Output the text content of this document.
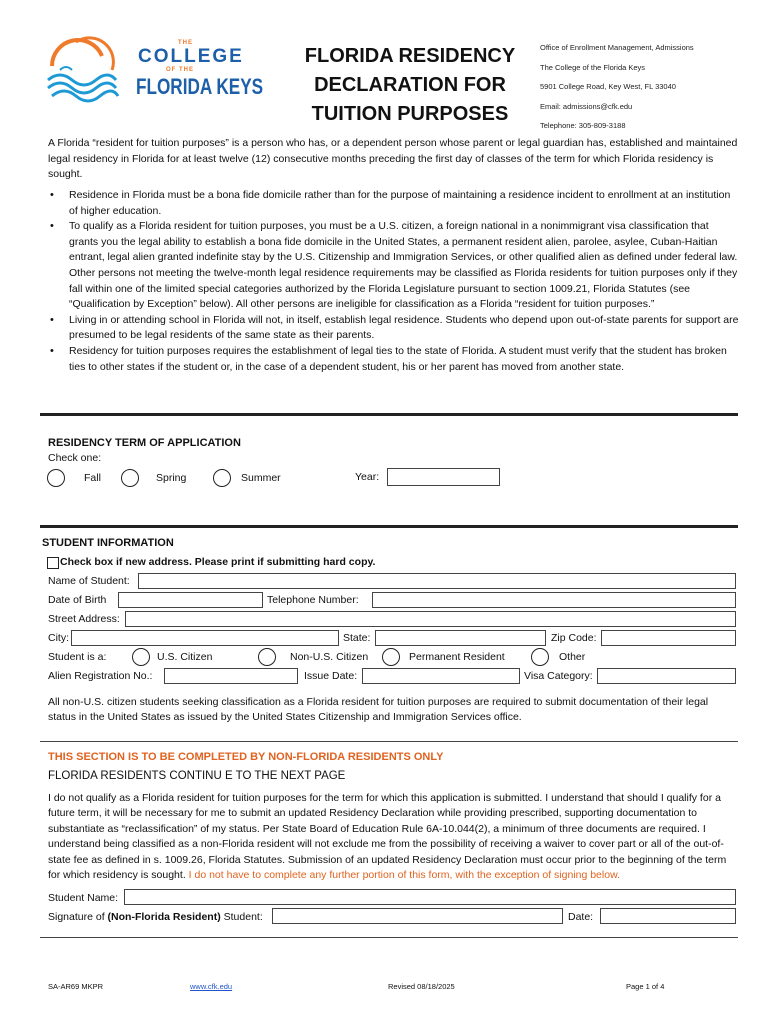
THE
COLLEGE
OF THE
FLORIDA KEYS
FLORIDA RESIDENCY
DECLARATION FOR
TUITION PURPOSES
Office of Enrollment Management, Admissions
The College of the Florida Keys
5901 College Road, Key West, FL 33040
Email: admissions@cfk.edu
Telephone: 305-809-3188
A Florida “resident for tuition purposes” is a person who has, or a dependent person whose parent or legal guardian has, established and maintained legal residency in Florida for at least twelve (12) consecutive months preceding the first day of classes of the term for which Florida residency is sought.
• Residence in Florida must be a bona fide domicile rather than for the purpose of maintaining a residence incident to enrollment at an institution of higher education.
• To qualify as a Florida resident for tuition purposes, you must be a U.S. citizen, a foreign national in a nonimmigrant visa classification that grants you the legal ability to establish a bona fide domicile in the United States, a permanent resident alien, parolee, asylee, Cuban-Haitian entrant, legal alien granted indefinite stay by the U.S. Citizenship and Immigration Services, or other qualified alien as defined under federal law. Other persons not meeting the twelve-month legal residence requirements may be classified as Florida residents for tuition purposes only if they fall within one of the limited special categories authorized by the Florida Legislature pursuant to section 1009.21, Florida Statutes (see “Qualification by Exception” below). All other persons are ineligible for classification as a Florida “resident for tuition purposes.”
• Living in or attending school in Florida will not, in itself, establish legal residence. Students who depend upon out-of-state parents for support are presumed to be legal residents of the same state as their parents.
• Residency for tuition purposes requires the establishment of legal ties to the state of Florida. A student must verify that the student has broken ties to other states if the student or, in the case of a dependent student, his or her parent has moved from another state.
RESIDENCY TERM OF APPLICATION
Check one:
Fall	Spring	Summer	Year:
STUDENT INFORMATION
Check box if new address. Please print if submitting hard copy.
Name of Student:
Date of Birth	Telephone Number:
Street Address:
City:	State:	Zip Code:
Student is a:	U.S. Citizen	Non-U.S. Citizen	Permanent Resident	Other
Alien Registration No.:	Issue Date:	Visa Category:
All non-U.S. citizen students seeking classification as a Florida resident for tuition purposes are required to submit documentation of their legal status in the United States as issued by the United States Citizenship and Immigration Services office.
THIS SECTION IS TO BE COMPLETED BY NON-FLORIDA RESIDENTS ONLY
FLORIDA RESIDENTS CONTINU E TO THE NEXT PAGE
I do not qualify as a Florida resident for tuition purposes for the term for which this application is submitted. I understand that should I qualify for a future term, it will be necessary for me to submit an updated Residency Declaration while providing prescribed, supporting documentation to substantiate as “reclassification” of my status. Per State Board of Education Rule 6A-10.044(2), a minimum of three documents are required. I understand being classified as a non-Florida resident will not exclude me from the possibility of receiving a waiver to cover part or all of the out-of-state fee as defined in s. 1009.26, Florida Statutes. Submission of an updated Residency Declaration must occur prior to the beginning of the term for which residency is sought. I do not have to complete any further portion of this form, with the exception of signing below.
Student Name:
Signature of (Non-Florida Resident) Student:	Date:
SA-AR69 MKPR	www.cfk.edu	Revised 08/18/2025	Page 1 of 4
